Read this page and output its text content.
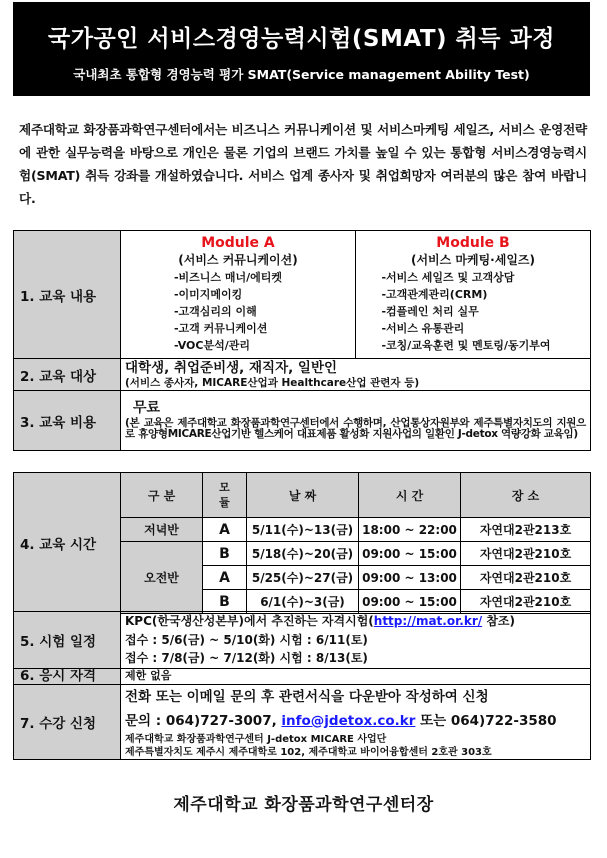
국가공인 서비스경영능력시험(SMAT) 취득 과정
국내최초 통합형 경영능력 평가 SMAT(Service management Ability Test)
제주대학교 화장품과학연구센터에서는 비즈니스 커뮤니케이션 및 서비스마케팅 세일즈, 서비스 운영전략에 관한 실무능력을 바탕으로 개인은 물론 기업의 브랜드 가치를 높일 수 있는 통합형 서비스경영능력시험(SMAT) 취득 강좌를 개설하였습니다. 서비스 업계 종사자 및 취업희망자 여러분의 많은 참여 바랍니다.
1. 교육 내용	
Module A
(서비스 커뮤니케이션)
-비즈니스 매너/에티켓
-이미지메이킹
-고객심리의 이해
-고객 커뮤니케이션
-VOC분석/관리

Module B
(서비스 마케팅·세일즈)
-서비스 세일즈 및 고객상담
-고객관계관리(CRM)
-컴플레인 처리 실무
-서비스 유통관리
-코칭/교육훈련 및 멘토링/동기부여

2. 교육 대상	대학생, 취업준비생, 재직자, 일반인
(서비스 종사자, MICARE산업과 Healthcare산업 관련자 등)	

3. 교육 비용	무료
(본 교육은 제주대학교 화장품과학연구센터에서 수행하며, 산업통상자원부와 제주특별자치도의 지원으로 휴양형MICARE산업기반 헬스케어 대표제품 활성화 지원사업의 일환인 J-detox 역량강화 교육임)	
4. 교육 시간	구 분	모듈	날 짜	시 간	장 소
	저녁반	A	5/11(수)~13(금)	18:00 ~ 22:00	자연대2관213호
	오전반	B	5/18(수)~20(금)	09:00 ~ 15:00	자연대2관210호
		A	5/25(수)~27(금)	09:00 ~ 13:00	자연대2관210호
		B	6/1(수)~3(금)	09:00 ~ 15:00	자연대2관210호
5. 시험 일정	KPC(한국생산성본부)에서 추진하는 자격시험(http://mat.or.kr/ 참조)
접수 : 5/6(금) ~ 5/10(화) 시험 : 6/11(토)
접수 : 7/8(금) ~ 7/12(화) 시험 : 8/13(토)

6. 응시 자격	제한 없음
7. 수강 신청	전화 또는 이메일 문의 후 관련서식을 다운받아 작성하여 신청
문의 : 064)727-3007, info@jdetox.co.kr 또는 064)722-3580
제주대학교 화장품과학연구센터 J-detox MICARE 사업단
제주특별자치도 제주시 제주대학로 102, 제주대학교 바이어융합센터 2호관 303호
제주대학교 화장품과학연구센터장
